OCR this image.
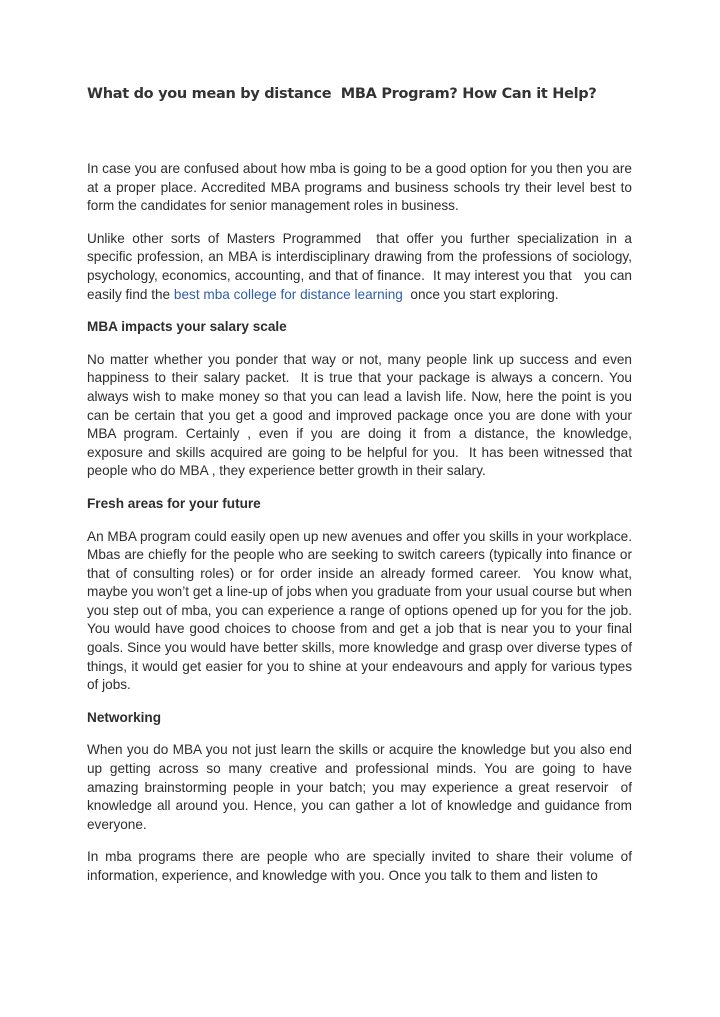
What do you mean by distance  MBA Program? How Can it Help?

In case you are confused about how mba is going to be a good option for you then you are at a proper place. Accredited MBA programs and business schools try their level best to form the candidates for senior management roles in business.

Unlike other sorts of Masters Programmed  that offer you further specialization in a specific profession, an MBA is interdisciplinary drawing from the professions of sociology, psychology, economics, accounting, and that of finance.  It may interest you that   you can easily find the best mba college for distance learning  once you start exploring.

MBA impacts your salary scale

No matter whether you ponder that way or not, many people link up success and even happiness to their salary packet.  It is true that your package is always a concern. You always wish to make money so that you can lead a lavish life. Now, here the point is you can be certain that you get a good and improved package once you are done with your MBA program. Certainly , even if you are doing it from a distance, the knowledge, exposure and skills acquired are going to be helpful for you.  It has been witnessed that people who do MBA , they experience better growth in their salary.

Fresh areas for your future

An MBA program could easily open up new avenues and offer you skills in your workplace. Mbas are chiefly for the people who are seeking to switch careers (typically into finance or that of consulting roles) or for order inside an already formed career.  You know what, maybe you won’t get a line-up of jobs when you graduate from your usual course but when you step out of mba, you can experience a range of options opened up for you for the job. You would have good choices to choose from and get a job that is near you to your final goals. Since you would have better skills, more knowledge and grasp over diverse types of things, it would get easier for you to shine at your endeavours and apply for various types of jobs.

Networking

When you do MBA you not just learn the skills or acquire the knowledge but you also end up getting across so many creative and professional minds. You are going to have amazing brainstorming people in your batch; you may experience a great reservoir  of knowledge all around you. Hence, you can gather a lot of knowledge and guidance from everyone.

In mba programs there are people who are specially invited to share their volume of information, experience, and knowledge with you. Once you talk to them and listen to
